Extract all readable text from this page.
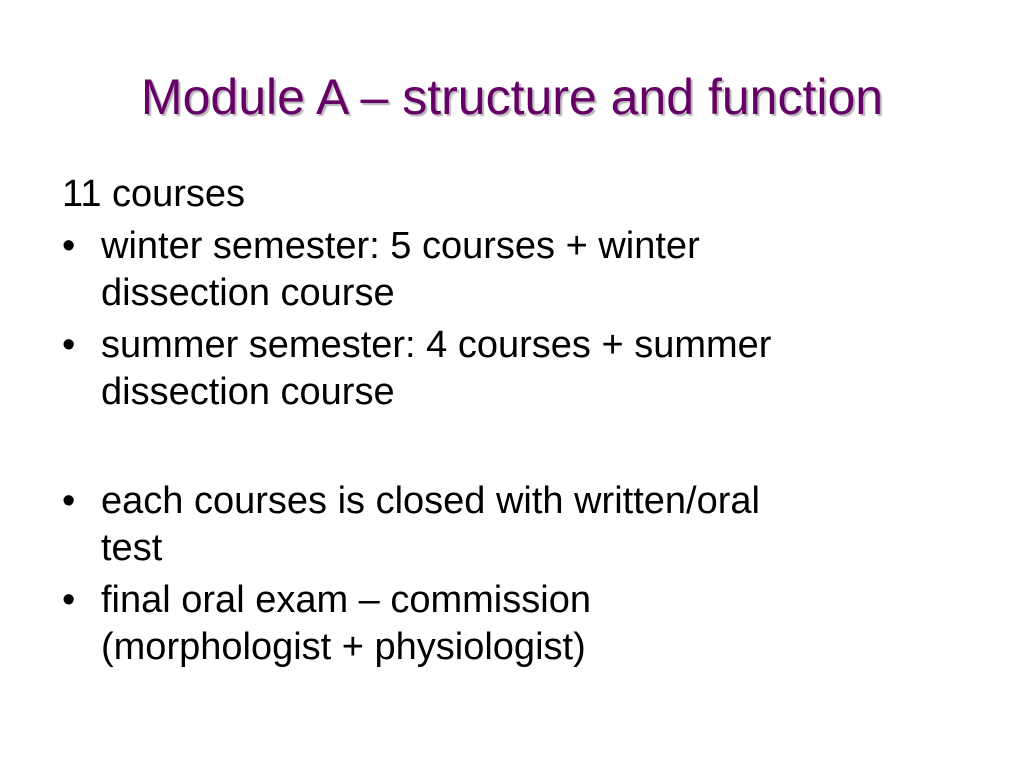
Module A – structure and function
11 courses
• winter semester: 5 courses + winter
dissection course
• summer semester: 4 courses + summer
dissection course
• each courses is closed with written/oral
test
• final oral exam – commission
(morphologist + physiologist)
